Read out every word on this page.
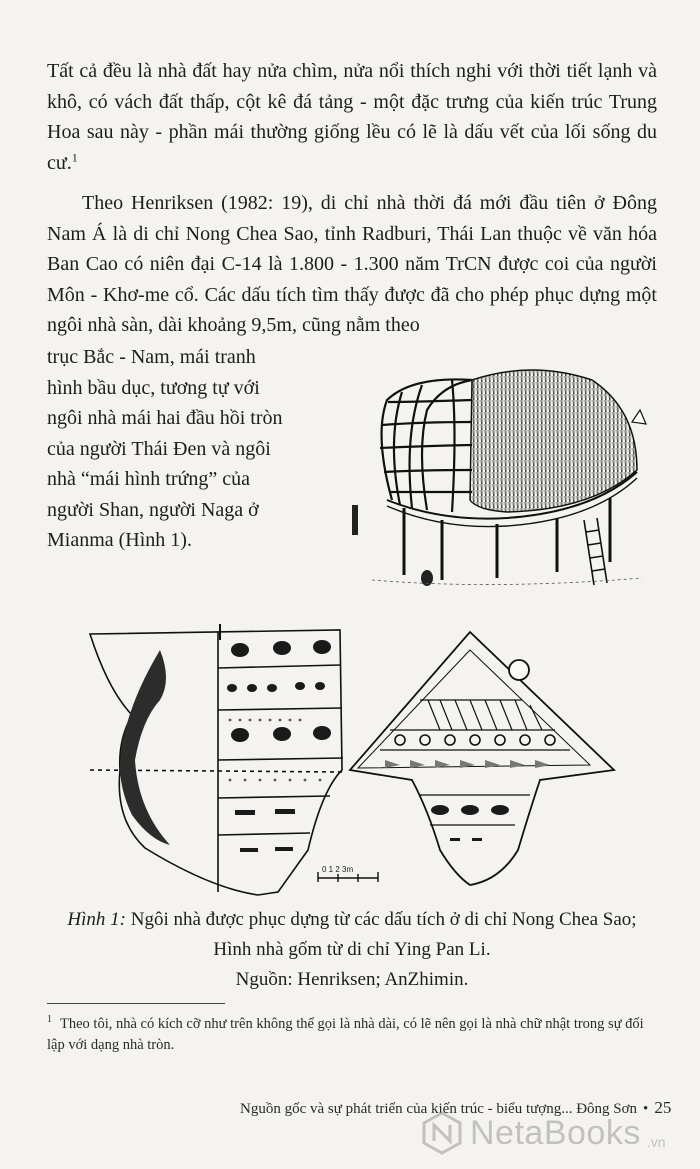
Tất cả đều là nhà đất hay nửa chìm, nửa nổi thích nghi với thời tiết lạnh và khô, có vách đất thấp, cột kê đá tảng - một đặc trưng của kiến trúc Trung Hoa sau này - phần mái thường giống lều có lẽ là dấu vết của lối sống du cư.$^1$

Theo Henriksen (1982: 19), di chỉ nhà thời đá mới đầu tiên ở Đông Nam Á là di chỉ Nong Chea Sao, tỉnh Radburi, Thái Lan thuộc về văn hóa Ban Cao có niên đại C-14 là 1.800 - 1.300 năm TrCN được coi của người Môn - Khơ-me cổ. Các dấu tích tìm thấy được đã cho phép phục dựng một ngôi nhà sàn, dài khoảng 9,5m, cũng nằm theo

trục Bắc - Nam, mái tranh hình bầu dục, tương tự với ngôi nhà mái hai đầu hồi tròn của người Thái Đen và ngôi nhà “mái hình trứng” của người Shan, người Naga ở Mianma (Hình 1).

0 1 2 3m

Hình 1: Ngôi nhà được phục dựng từ các dấu tích ở di chỉ Nong Chea Sao;
Hình nhà gốm từ di chỉ Ying Pan Li.
Nguồn: Henriksen; AnZhimin.

$^1$ Theo tôi, nhà có kích cỡ như trên không thể gọi là nhà dài, có lẽ nên gọi là nhà chữ nhật trong sự đối lập với dạng nhà tròn.

Nguồn gốc và sự phát triển của kiến trúc - biểu tượng... Đông Sơn • 25
NetaBooks .vn
